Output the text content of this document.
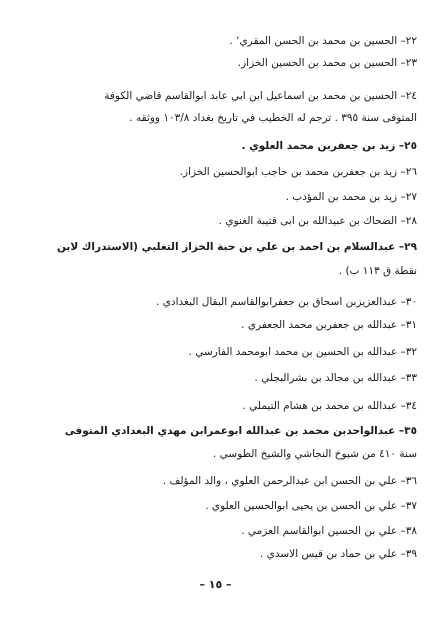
٢٢– الحسين بن محمد بن الحسن المقري٬ .
٢٣– الحسين بن محمد بن الحسين الخزاز.
٢٤– الحسين بن محمد بن اسماعيل ابن ابي عابد ابوالقاسم قاضي الكوفة
المتوفى سنة ٣٩٥ . ترجم له الخطيب في تاريخ بغداد ١٠٣/٨ ووثقه .
٢٥– زيد بن جعفربن محمد العلوي .
٢٦– زيد بن جعفربن محمد بن حاجب ابوالحسين الخزاز.
٢٧– زيد بن محمد بن المؤدب .
٢٨– الضحاك بن عبيدالله بن ابى قتيبة الغنوي .
٢٩– عبدالسلام بن احمد بن علي بن حبة الخزاز التغلبي (الاستدراك لابن
نقطة ق ١١٣ ب) .
٣٠– عبدالعزيزبن اسحاق بن جعفرابوالقاسم البقال البغدادي .
٣١– عبدالله بن جعفربن محمد الجعفري .
٣٢– عبدالله بن الحسين بن محمد ابومحمد الفارسي .
٣٣– عبدالله بن مجالد بن بشرالبجلي .
٣٤– عبدالله بن محمد بن هشام التيملي .
٣٥– عبدالواحدبن محمد بن عبدالله ابوعمرابن مهدي البغدادي المتوفى
سنة ٤١٠ من شيوخ النجاشي والشيخ الطوسي .
٣٦– علي بن الحسن ابن عبدالرحمن العلوي ، والد المؤلف .
٣٧– علي بن الحسن بن يحيى ابوالحسين العلوي .
٣٨– علي بن الحسين ابوالقاسم العزمي .
٣٩– علي بن حماد بن قيس الاسدي .
– ١٥ –
